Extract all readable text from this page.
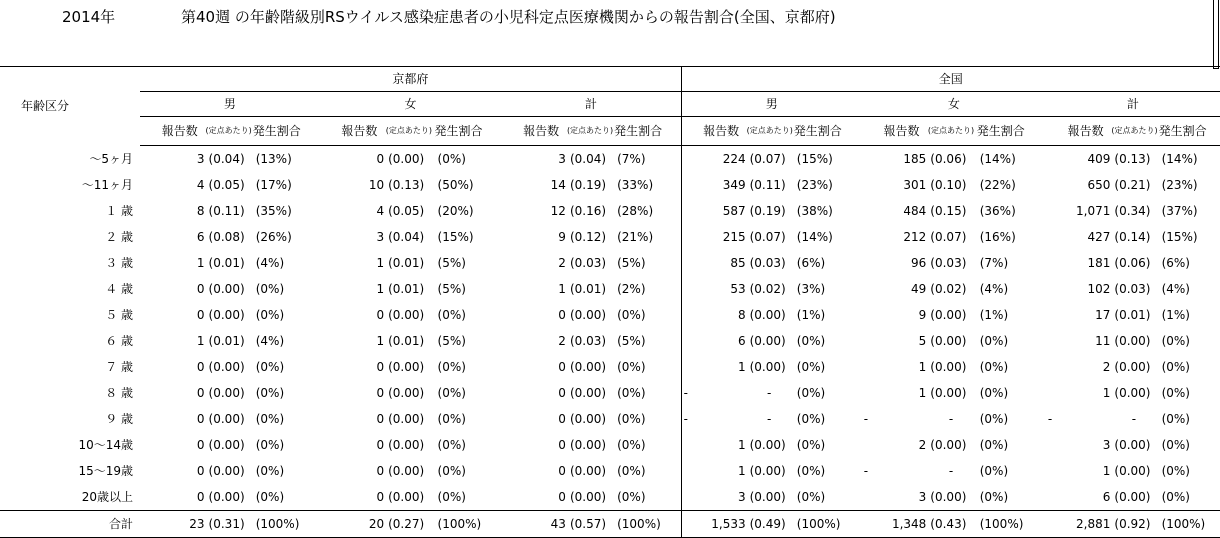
2014年	第40週 の年齢階級別RSウイルス感染症患者の小児科定点医療機関からの報告割合(全国、京都府)
年齢区分	京都府									全国								
	男			女			計			男			女			計		
	報告数	(定点あたり)	発生割合	報告数	(定点あたり)	発生割合	報告数	(定点あたり)	発生割合	報告数	(定点あたり)	発生割合	報告数	(定点あたり)	発生割合	報告数	(定点あたり)	発生割合
～5ヶ月	3	(0.04)	(13%)	0	(0.00)	(0%)	3	(0.04)	(7%)	224	(0.07)	(15%)	185	(0.06)	(14%)	409	(0.13)	(14%)
～11ヶ月	4	(0.05)	(17%)	10	(0.13)	(50%)	14	(0.19)	(33%)	349	(0.11)	(23%)	301	(0.10)	(22%)	650	(0.21)	(23%)
１ 歳	8	(0.11)	(35%)	4	(0.05)	(20%)	12	(0.16)	(28%)	587	(0.19)	(38%)	484	(0.15)	(36%)	1,071	(0.34)	(37%)
２ 歳	6	(0.08)	(26%)	3	(0.04)	(15%)	9	(0.12)	(21%)	215	(0.07)	(14%)	212	(0.07)	(16%)	427	(0.14)	(15%)
３ 歳	1	(0.01)	(4%)	1	(0.01)	(5%)	2	(0.03)	(5%)	85	(0.03)	(6%)	96	(0.03)	(7%)	181	(0.06)	(6%)
４ 歳	0	(0.00)	(0%)	1	(0.01)	(5%)	1	(0.01)	(2%)	53	(0.02)	(3%)	49	(0.02)	(4%)	102	(0.03)	(4%)
５ 歳	0	(0.00)	(0%)	0	(0.00)	(0%)	0	(0.00)	(0%)	8	(0.00)	(1%)	9	(0.00)	(1%)	17	(0.01)	(1%)
６ 歳	1	(0.01)	(4%)	1	(0.01)	(5%)	2	(0.03)	(5%)	6	(0.00)	(0%)	5	(0.00)	(0%)	11	(0.00)	(0%)
７ 歳	0	(0.00)	(0%)	0	(0.00)	(0%)	0	(0.00)	(0%)	1	(0.00)	(0%)	1	(0.00)	(0%)	2	(0.00)	(0%)
８ 歳	0	(0.00)	(0%)	0	(0.00)	(0%)	0	(0.00)	(0%)	-	-	(0%)	1	(0.00)	(0%)	1	(0.00)	(0%)
９ 歳	0	(0.00)	(0%)	0	(0.00)	(0%)	0	(0.00)	(0%)	-	-	(0%)	-	-	(0%)	-	-	(0%)
10～14歳	0	(0.00)	(0%)	0	(0.00)	(0%)	0	(0.00)	(0%)	1	(0.00)	(0%)	2	(0.00)	(0%)	3	(0.00)	(0%)
15～19歳	0	(0.00)	(0%)	0	(0.00)	(0%)	0	(0.00)	(0%)	1	(0.00)	(0%)	-	-	(0%)	1	(0.00)	(0%)
20歳以上	0	(0.00)	(0%)	0	(0.00)	(0%)	0	(0.00)	(0%)	3	(0.00)	(0%)	3	(0.00)	(0%)	6	(0.00)	(0%)
合計	23	(0.31)	(100%)	20	(0.27)	(100%)	43	(0.57)	(100%)	1,533	(0.49)	(100%)	1,348	(0.43)	(100%)	2,881	(0.92)	(100%)
